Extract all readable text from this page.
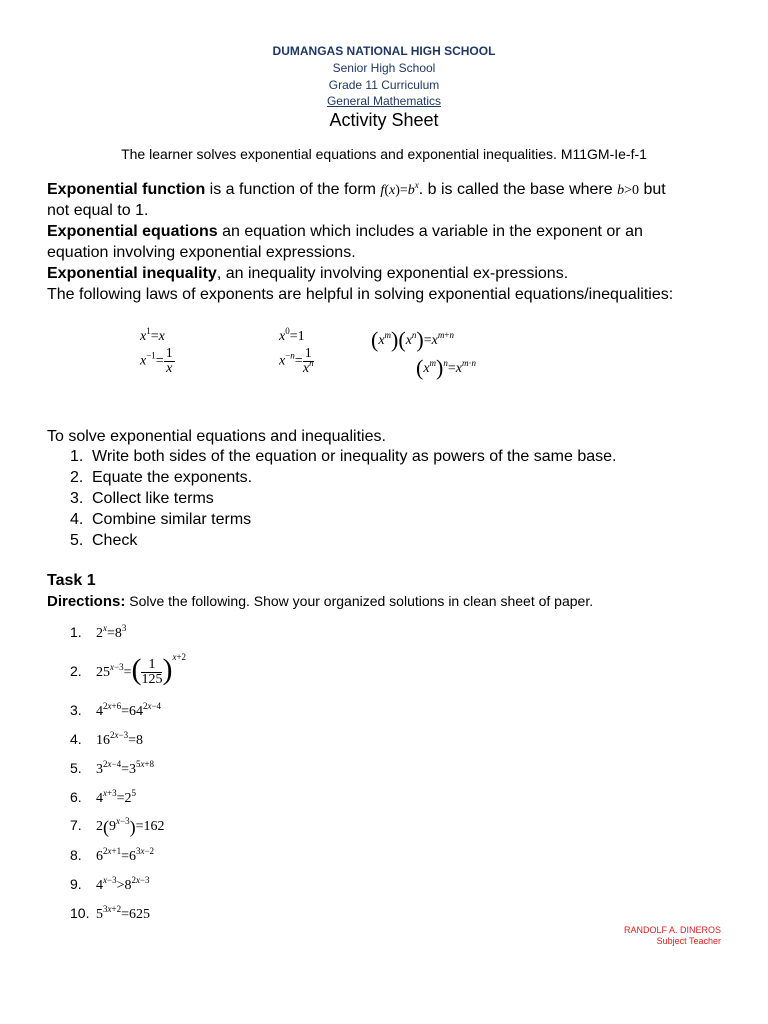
DUMANGAS NATIONAL HIGH SCHOOL
Senior High School
Grade 11 Curriculum
General Mathematics
Activity Sheet
The learner solves exponential equations and exponential inequalities. M11GM-Ie-f-1
Exponential function is a function of the form $f(x)=b^x$. b is called the base where b>0 but
not equal to 1.
Exponential equations an equation which includes a variable in the exponent or an
equation involving exponential expressions.
Exponential inequality, an inequality involving exponential ex-pressions.
The following laws of exponents are helpful in solving exponential equations/inequalities:
$x^1=x$	$x^0=1$	$(x^m)(x^n)=x^{m+n}$
$x^{-1}= \frac{1}{x}$	$x^{-n}= \frac{1}{x^n}$	$(x^m)^n=x^{m\cdot n}$
To solve exponential equations and inequalities.
1. Write both sides of the equation or inequality as powers of the same base.
2. Equate the exponents.
3. Collect like terms
4. Combine similar terms
5. Check
Task 1
Directions: Solve the following. Show your organized solutions in clean sheet of paper.
1. $2^x=8^3$
2. $25^{x-3}=( \frac{1}{125} )^{x+2}$
3. $4^{2x+6}=64^{2x-4}$
4. $16^{2x-3}=8$
5. $3^{2x-4}=3^{5x+8}$
6. $4^{x+3}=2^5$
7. $2(9^{x-3})=162$
8. $6^{2x+1}=6^{3x-2}$
9. $4^{x-3}>8^{2x-3}$
10. $5^{3x+2}=625$
RANDOLF A. DINEROS
Subject Teacher
